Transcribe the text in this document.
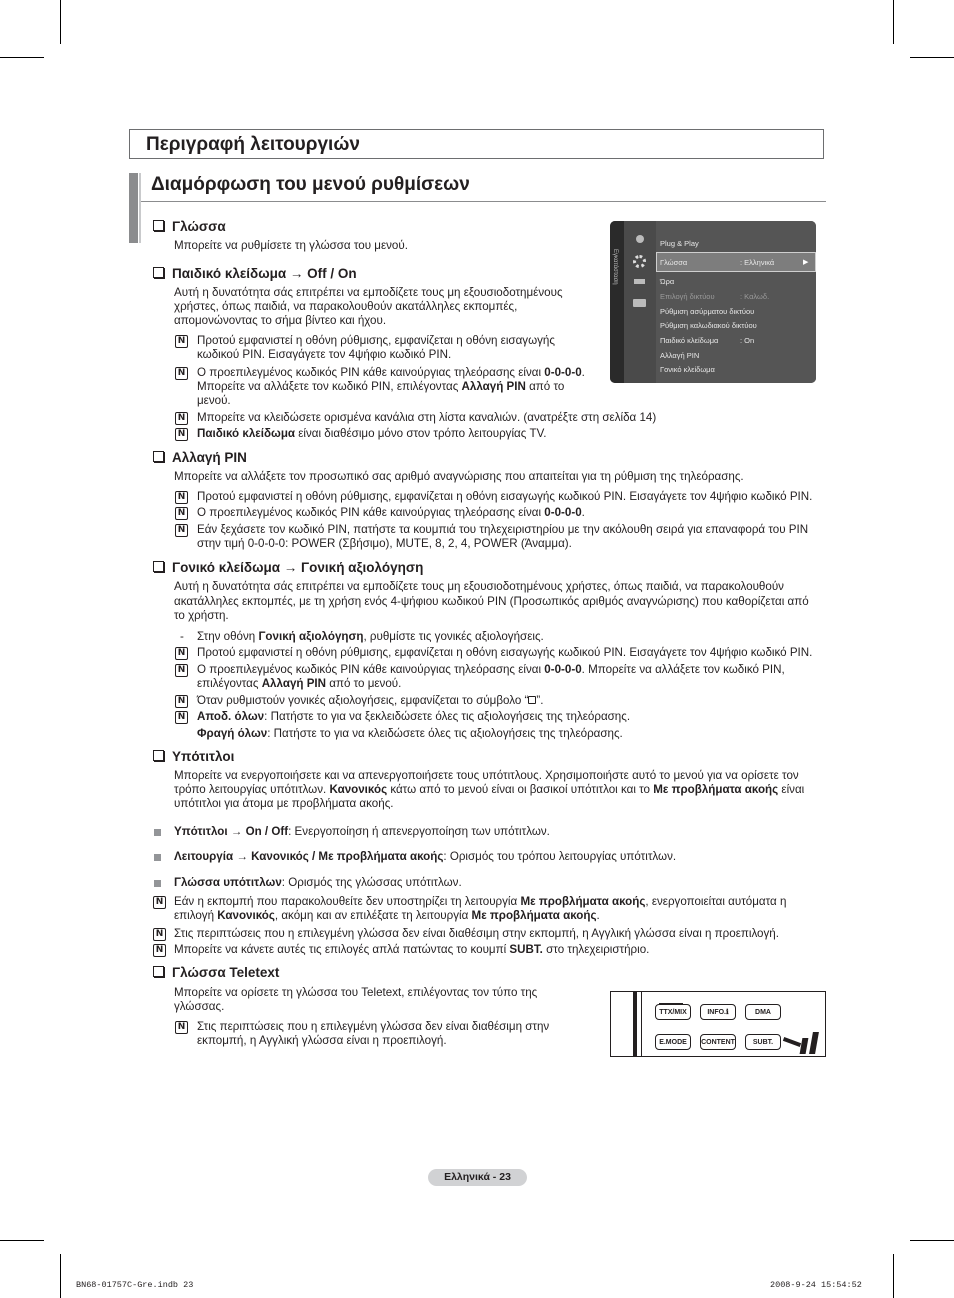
Περιγραφή λειτουργιών
Διαμόρφωση του μενού ρυθμίσεων
Γλώσσα
Μπορείτε να ρυθμίσετε τη γλώσσα του μενού.
Παιδικό κλείδωμα → Off / On
Αυτή η δυνατότητα σάς επιτρέπει να εμποδίζετε τους μη εξουσιοδοτημένους
χρήστες, όπως παιδιά, να παρακολουθούν ακατάλληλες εκπομπές,
απομονώνοντας το σήμα βίντεο και ήχου.
N Προτού εμφανιστεί η οθόνη ρύθμισης, εμφανίζεται η οθόνη εισαγωγής
κωδικού PIN. Εισαγάγετε τον 4ψήφιο κωδικό PIN.
N Ο προεπιλεγμένος κωδικός PIN κάθε καινούργιας τηλεόρασης είναι 0-0-0-0.
Μπορείτε να αλλάξετε τον κωδικό PIN, επιλέγοντας Αλλαγή PIN από το
μενού.
N Μπορείτε να κλειδώσετε ορισμένα κανάλια στη λίστα καναλιών. (ανατρέξτε στη σελίδα 14)
N Παιδικό κλείδωμα είναι διαθέσιμο μόνο στον τρόπο λειτουργίας TV.
Εγκατάσταση
Plug & Play
Γλώσσα	: Ελληνικά
Ώρα
Επιλογή δικτύου	: Καλωδ.
Ρύθμιση ασύρματου δικτύου
Ρύθμιση καλωδιακού δικτύου
Παιδικό κλείδωμα	: On
Αλλαγή PIN
Γονικό κλείδωμα
▶
Αλλαγή PIN
Μπορείτε να αλλάξετε τον προσωπικό σας αριθμό αναγνώρισης που απαιτείται για τη ρύθμιση της τηλεόρασης.
N Προτού εμφανιστεί η οθόνη ρύθμισης, εμφανίζεται η οθόνη εισαγωγής κωδικού PIN. Εισαγάγετε τον 4ψήφιο κωδικό PIN.
N Ο προεπιλεγμένος κωδικός PIN κάθε καινούργιας τηλεόρασης είναι 0-0-0-0.
N Εάν ξεχάσετε τον κωδικό PIN, πατήστε τα κουμπιά του τηλεχειριστηρίου με την ακόλουθη σειρά για επαναφορά του PIN
στην τιμή 0-0-0-0: POWER (Σβήσιμο), MUTE, 8, 2, 4, POWER (Άναμμα).
Γονικό κλείδωμα → Γονική αξιολόγηση
Αυτή η δυνατότητα σάς επιτρέπει να εμποδίζετε τους μη εξουσιοδοτημένους χρήστες, όπως παιδιά, να παρακολουθούν
ακατάλληλες εκπομπές, με τη χρήση ενός 4-ψήφιου κωδικού PIN (Προσωπικός αριθμός αναγνώρισης) που καθορίζεται από
το χρήστη.
- Στην οθόνη Γονική αξιολόγηση, ρυθμίστε τις γονικές αξιολογήσεις.
N Προτού εμφανιστεί η οθόνη ρύθμισης, εμφανίζεται η οθόνη εισαγωγής κωδικού PIN. Εισαγάγετε τον 4ψήφιο κωδικό PIN.
N Ο προεπιλεγμένος κωδικός PIN κάθε καινούργιας τηλεόρασης είναι 0-0-0-0. Μπορείτε να αλλάξετε τον κωδικό PIN,
επιλέγοντας Αλλαγή PIN από το μενού.
N Όταν ρυθμιστούν γονικές αξιολογήσεις, εμφανίζεται το σύμβολο “ ”.
N Αποδ. όλων: Πατήστε το για να ξεκλειδώσετε όλες τις αξιολογήσεις της τηλεόρασης.
Φραγή όλων: Πατήστε το για να κλειδώσετε όλες τις αξιολογήσεις της τηλεόρασης.
Υπότιτλοι
Μπορείτε να ενεργοποιήσετε και να απενεργοποιήσετε τους υπότιτλους. Χρησιμοποιήστε αυτό το μενού για να ορίσετε τον
τρόπο λειτουργίας υπότιτλων. Κανονικός κάτω από το μενού είναι οι βασικοί υπότιτλοι και το Με προβλήματα ακοής είναι
υπότιτλοι για άτομα με προβλήματα ακοής.
Υπότιτλοι → On / Off: Ενεργοποίηση ή απενεργοποίηση των υπότιτλων.
Λειτουργία → Κανονικός / Με προβλήματα ακοής: Ορισμός του τρόπου λειτουργίας υπότιτλων.
Γλώσσα υπότιτλων: Ορισμός της γλώσσας υπότιτλων.
N Εάν η εκπομπή που παρακολουθείτε δεν υποστηρίζει τη λειτουργία Με προβλήματα ακοής, ενεργοποιείται αυτόματα η
επιλογή Κανονικός, ακόμη και αν επιλέξατε τη λειτουργία Με προβλήματα ακοής.
N Στις περιπτώσεις που η επιλεγμένη γλώσσα δεν είναι διαθέσιμη στην εκπομπή, η Αγγλική γλώσσα είναι η προεπιλογή.
N Μπορείτε να κάνετε αυτές τις επιλογές απλά πατώντας το κουμπί SUBT. στο τηλεχειριστήριο.
Γλώσσα Teletext
Μπορείτε να ορίσετε τη γλώσσα του Teletext, επιλέγοντας τον τύπο της
γλώσσας.
N Στις περιπτώσεις που η επιλεγμένη γλώσσα δεν είναι διαθέσιμη στην
εκπομπή, η Αγγλική γλώσσα είναι η προεπιλογή.
TTX/MIX	INFO.ℹ	DMA
E.MODE	CONTENT	SUBT.
Ελληνικά - 23
BN68-01757C-Gre.indb 23	2008-9-24 15:54:52
